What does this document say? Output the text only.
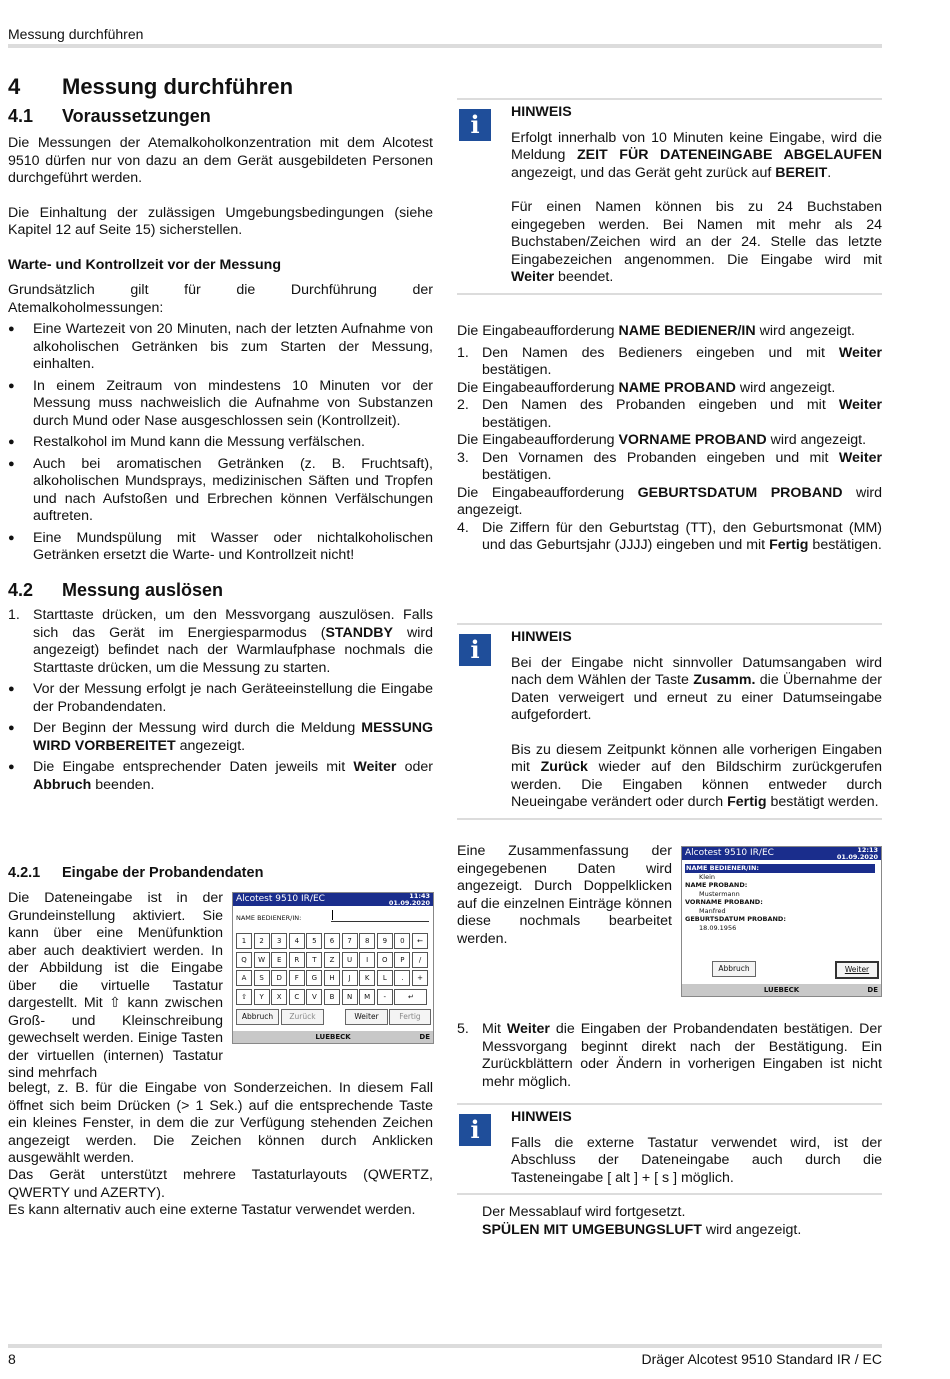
Messung durchführen
4 Messung durchführen
4.1 Voraussetzungen

Die Messungen der Atemalkoholkonzentration mit dem Alcotest 9510 dürfen nur von dazu an dem Gerät ausgebildeten Personen durchgeführt werden.

Die Einhaltung der zulässigen Umgebungsbedingungen (siehe Kapitel 12 auf Seite 15) sicherstellen.

Warte- und Kontrollzeit vor der Messung

Grundsätzlich gilt für die Durchführung der Atemalkoholmessungen:

● Eine Wartezeit von 20 Minuten, nach der letzten Aufnahme von alkoholischen Getränken bis zum Starten der Messung, einhalten.
● In einem Zeitraum von mindestens 10 Minuten vor der Messung muss nachweislich die Aufnahme von Substanzen durch Mund oder Nase ausgeschlossen sein (Kontrollzeit).
● Restalkohol im Mund kann die Messung verfälschen.
● Auch bei aromatischen Getränken (z. B. Fruchtsaft), alkoholischen Mundsprays, medizinischen Säften und Tropfen und nach Aufstoßen und Erbrechen können Verfälschungen auftreten.
● Eine Mundspülung mit Wasser oder nichtalkoholischen Getränken ersetzt die Warte- und Kontrollzeit nicht!
4.2 Messung auslösen
1. Starttaste drücken, um den Messvorgang auszulösen. Falls sich das Gerät im Energiesparmodus (STANDBY wird angezeigt) befindet nach der Warmlaufphase nochmals die Starttaste drücken, um die Messung zu starten.
● Vor der Messung erfolgt je nach Geräteeinstellung die Eingabe der Probandendaten.
● Der Beginn der Messung wird durch die Meldung MESSUNG WIRD VORBEREITET angezeigt.
● Die Eingabe entsprechender Daten jeweils mit Weiter oder Abbruch beenden.
4.2.1 Eingabe der Probandendaten

Die Dateneingabe ist in der Grundeinstellung aktiviert. Sie kann über eine Menüfunktion aber auch deaktiviert werden. In der Abbildung ist die Eingabe über die virtuelle Tastatur dargestellt. Mit ⇧ kann zwischen Groß- und Kleinschreibung gewechselt werden. Einige Tasten der virtuellen (internen) Tastatur sind mehrfach

belegt, z. B. für die Eingabe von Sonderzeichen. In diesem Fall öffnet sich beim Drücken (> 1 Sek.) auf die entsprechende Taste ein kleines Fenster, in dem die zur Verfügung stehenden Zeichen angezeigt werden. Die Zeichen können durch Anklicken ausgewählt werden.

Das Gerät unterstützt mehrere Tastaturlayouts (QWERTZ, QWERTY und AZERTY).

Es kann alternativ auch eine externe Tastatur verwendet werden.

Alcotest 9510 IR/EC	11:43
01.09.2020
NAME BEDIENER/IN:
1	2	3	4	5	6	7	8	9	0	←
Q	W	E	R	T	Z	U	I	O	P	/
A	S	D	F	G	H	J	K	L	.	+
⇧	Y	X	C	V	B	N	M	-	↵
Abbruch	Zurück	Weiter	Fertig
LUEBECK	DE
i	HINWEIS

Erfolgt innerhalb von 10 Minuten keine Eingabe, wird die Meldung ZEIT FÜR DATENEINGABE ABGELAUFEN angezeigt, und das Gerät geht zurück auf BEREIT.

Für einen Namen können bis zu 24 Buchstaben eingegeben werden. Bei Namen mit mehr als 24 Buchstaben/Zeichen wird an der 24. Stelle das letzte Eingabezeichen angenommen. Die Eingabe wird mit Weiter beendet.

Die Eingabeaufforderung NAME BEDIENER/IN wird angezeigt.

1. Den Namen des Bedieners eingeben und mit Weiter bestätigen.

Die Eingabeaufforderung NAME PROBAND wird angezeigt.

2. Den Namen des Probanden eingeben und mit Weiter bestätigen.

Die Eingabeaufforderung VORNAME PROBAND wird angezeigt.

3. Den Vornamen des Probanden eingeben und mit Weiter bestätigen.

Die Eingabeaufforderung GEBURTSDATUM PROBAND wird angezeigt.

4. Die Ziffern für den Geburtstag (TT), den Geburtsmonat (MM) und das Geburtsjahr (JJJJ) eingeben und mit Fertig bestätigen.
i	HINWEIS

Bei der Eingabe nicht sinnvoller Datumsangaben wird nach dem Wählen der Taste Zusamm. die Übernahme der Daten verweigert und erneut zu einer Datumseingabe aufgefordert.

Bis zu diesem Zeitpunkt können alle vorherigen Eingaben mit Zurück wieder auf den Bildschirm zurückgerufen werden. Die Eingaben können entweder durch Neueingabe verändert oder durch Fertig bestätigt werden.

Eine Zusammenfassung der eingegebenen Daten wird angezeigt. Durch Doppelklicken auf die einzelnen Einträge können diese nochmals bearbeitet werden.

Alcotest 9510 IR/EC	12:13
01.09.2020
NAME BEDIENER/IN:
Klein
NAME PROBAND:
Mustermann
VORNAME PROBAND:
Manfred
GEBURTSDATUM PROBAND:
18.09.1956
Abbruch	Weiter
LUEBECK	DE
5. Mit Weiter die Eingaben der Probandendaten bestätigen. Der Messvorgang beginnt direkt nach der Bestätigung. Ein Zurückblättern oder Ändern in vorherigen Eingaben ist nicht mehr möglich.
i	HINWEIS

Falls die externe Tastatur verwendet wird, ist der Abschluss der Dateneingabe auch durch die Tasteneingabe [ alt ] + [ s ] möglich.

Der Messablauf wird fortgesetzt.

SPÜLEN MIT UMGEBUNGSLUFT wird angezeigt.

8	Dräger Alcotest 9510 Standard IR / EC
